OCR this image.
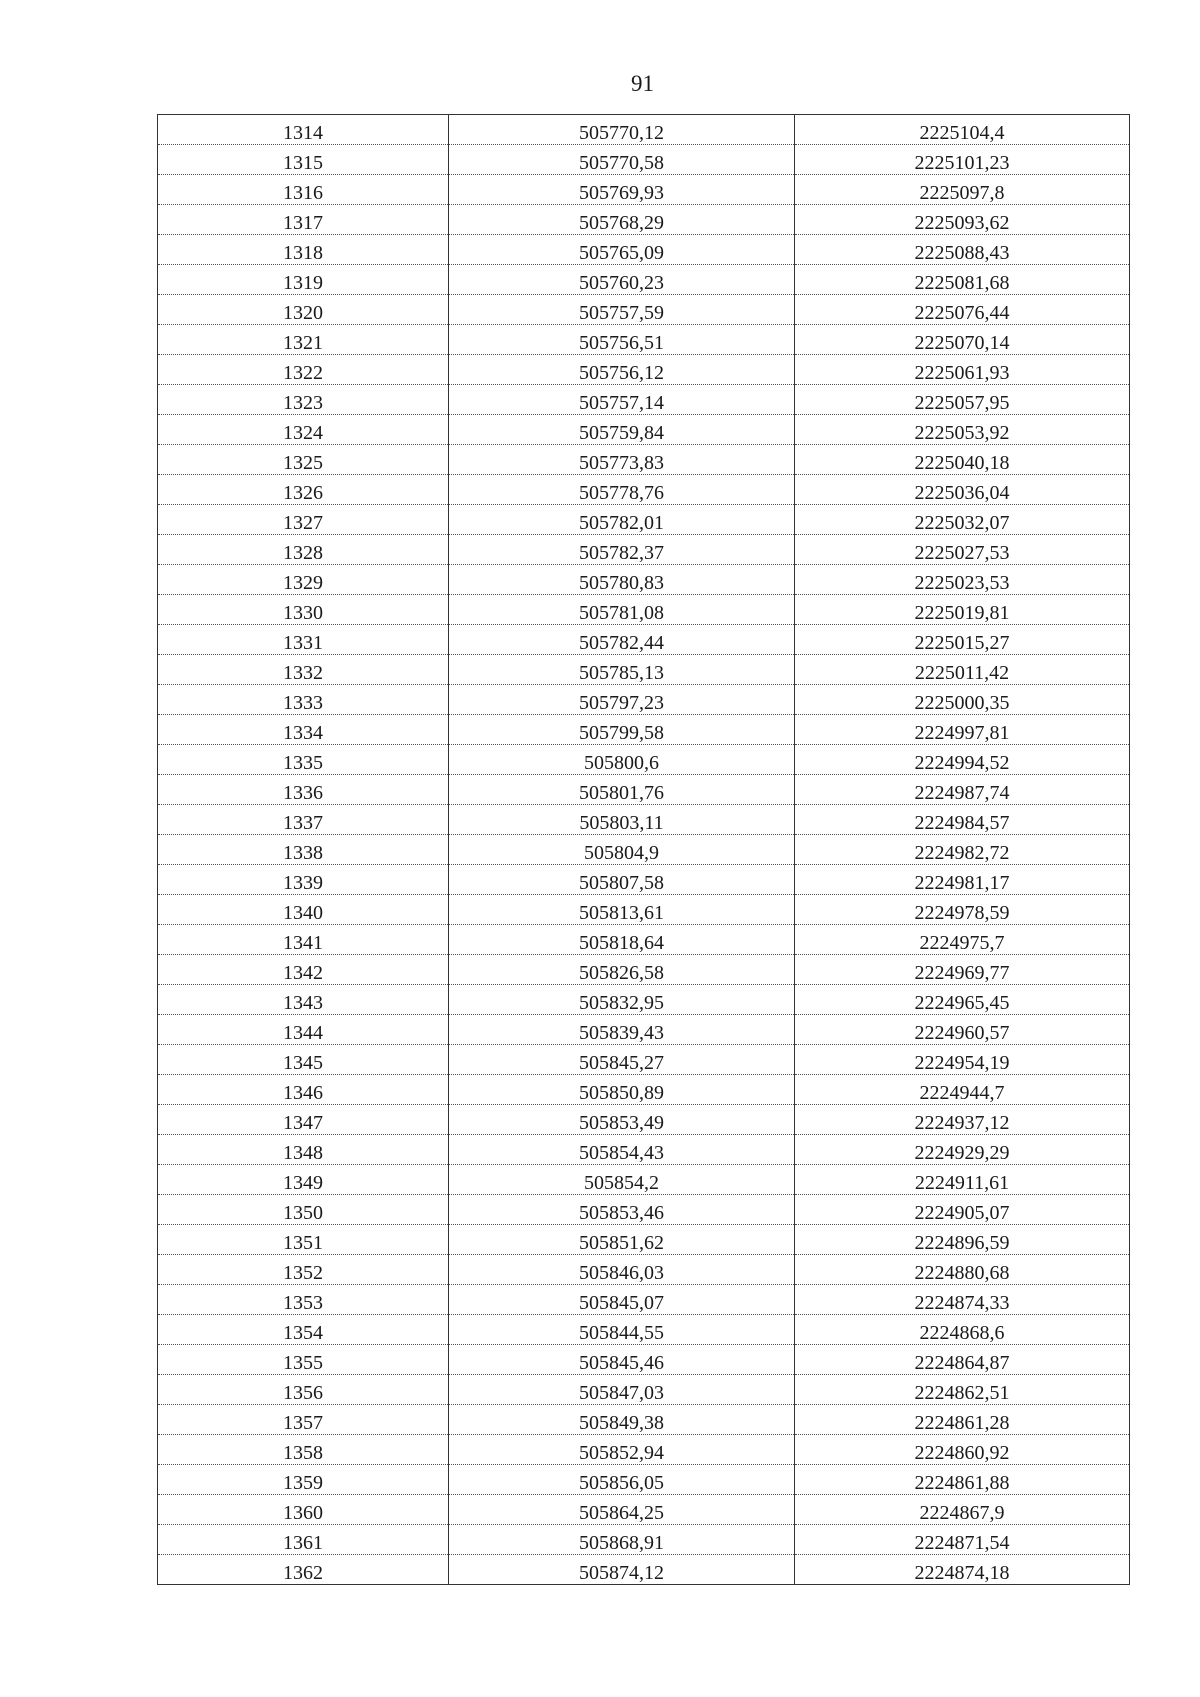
91
1314	505770,12	2225104,4
1315	505770,58	2225101,23
1316	505769,93	2225097,8
1317	505768,29	2225093,62
1318	505765,09	2225088,43
1319	505760,23	2225081,68
1320	505757,59	2225076,44
1321	505756,51	2225070,14
1322	505756,12	2225061,93
1323	505757,14	2225057,95
1324	505759,84	2225053,92
1325	505773,83	2225040,18
1326	505778,76	2225036,04
1327	505782,01	2225032,07
1328	505782,37	2225027,53
1329	505780,83	2225023,53
1330	505781,08	2225019,81
1331	505782,44	2225015,27
1332	505785,13	2225011,42
1333	505797,23	2225000,35
1334	505799,58	2224997,81
1335	505800,6	2224994,52
1336	505801,76	2224987,74
1337	505803,11	2224984,57
1338	505804,9	2224982,72
1339	505807,58	2224981,17
1340	505813,61	2224978,59
1341	505818,64	2224975,7
1342	505826,58	2224969,77
1343	505832,95	2224965,45
1344	505839,43	2224960,57
1345	505845,27	2224954,19
1346	505850,89	2224944,7
1347	505853,49	2224937,12
1348	505854,43	2224929,29
1349	505854,2	2224911,61
1350	505853,46	2224905,07
1351	505851,62	2224896,59
1352	505846,03	2224880,68
1353	505845,07	2224874,33
1354	505844,55	2224868,6
1355	505845,46	2224864,87
1356	505847,03	2224862,51
1357	505849,38	2224861,28
1358	505852,94	2224860,92
1359	505856,05	2224861,88
1360	505864,25	2224867,9
1361	505868,91	2224871,54
1362	505874,12	2224874,18
